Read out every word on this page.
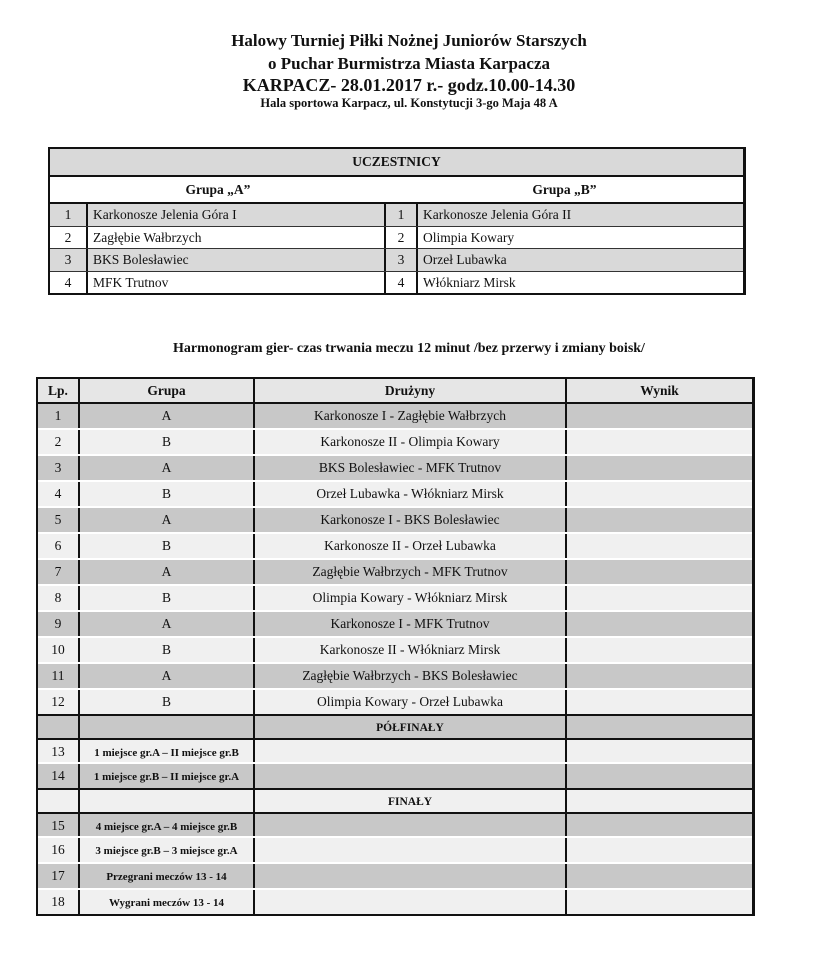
Halowy Turniej Piłki Nożnej Juniorów Starszych
o Puchar Burmistrza Miasta Karpacza
KARPACZ- 28.01.2017 r.- godz.10.00-14.30
Hala sportowa Karpacz, ul. Konstytucji 3-go Maja 48 A
UCZESTNICY
Grupa „A”	Grupa „B”
1	Karkonosze Jelenia Góra I	1	Karkonosze Jelenia Góra II
2	Zagłębie Wałbrzych	2	Olimpia Kowary
3	BKS Bolesławiec	3	Orzeł Lubawka
4	MFK Trutnov	4	Włókniarz Mirsk
Harmonogram gier- czas trwania meczu 12 minut /bez przerwy i zmiany boisk/
Lp.	Grupa	Drużyny	Wynik
1	A	Karkonosze I - Zagłębie Wałbrzych
2	B	Karkonosze II - Olimpia Kowary
3	A	BKS Bolesławiec - MFK Trutnov
4	B	Orzeł Lubawka - Włókniarz Mirsk
5	A	Karkonosze I - BKS Bolesławiec
6	B	Karkonosze II - Orzeł Lubawka
7	A	Zagłębie Wałbrzych - MFK Trutnov
8	B	Olimpia Kowary - Włókniarz Mirsk
9	A	Karkonosze I - MFK Trutnov
10	B	Karkonosze II - Włókniarz Mirsk
11	A	Zagłębie Wałbrzych - BKS Bolesławiec
12	B	Olimpia Kowary - Orzeł Lubawka
PÓŁFINAŁY
13	1 miejsce gr.A – II miejsce gr.B
14	1 miejsce gr.B – II miejsce gr.A
FINAŁY
15	4 miejsce gr.A – 4 miejsce gr.B
16	3 miejsce gr.B – 3 miejsce gr.A
17	Przegrani meczów 13 - 14
18	Wygrani meczów 13 - 14
